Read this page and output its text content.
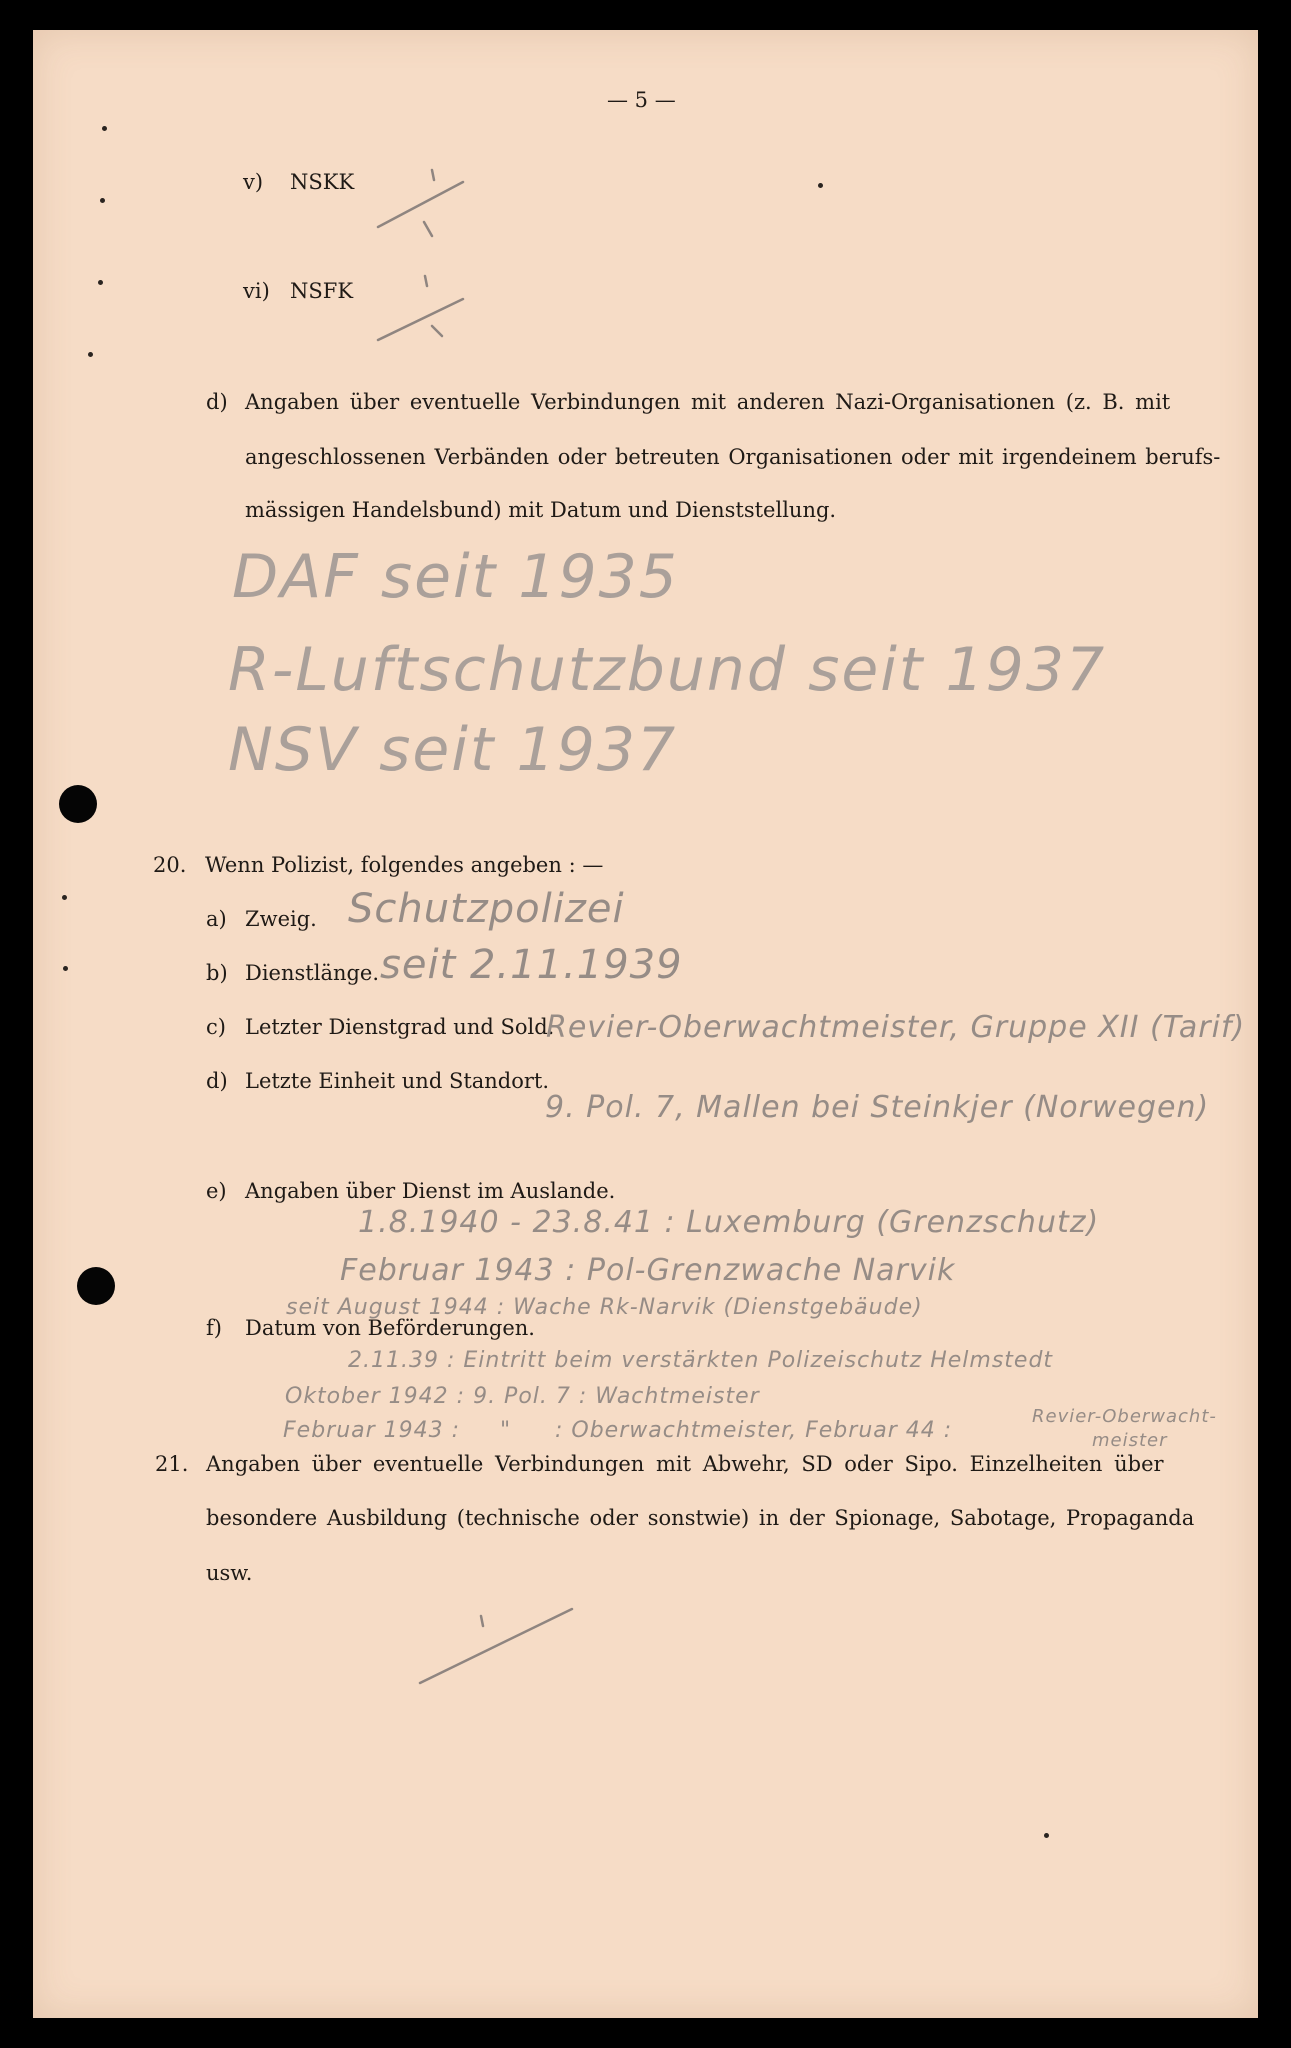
— 5 —
v) NSKK
vi) NSFK
d) Angaben über eventuelle Verbindungen mit anderen Nazi-Organisationen (z. B. mit
angeschlossenen Verbänden oder betreuten Organisationen oder mit irgendeinem berufs-
mässigen Handelsbund) mit Datum und Dienststellung.
DAF seit 1935
R-Luftschutzbund seit 1937
NSV seit 1937
20. Wenn Polizist, folgendes angeben : —
a) Zweig. Schutzpolizei
b) Dienstlänge. seit 2.11.1939
c) Letzter Dienstgrad und Sold.
Revier-Oberwachtmeister, Gruppe XII (Tarif)
d) Letzte Einheit und Standort.
9. Pol. 7, Mallen bei Steinkjer (Norwegen)
e) Angaben über Dienst im Auslande.
1.8.1940 - 23.8.41 : Luxemburg (Grenzschutz)
Februar 1943 : Pol-Grenzwache Narvik
seit August 1944 : Wache Rk-Narvik (Dienstgebäude)
f) Datum von Beförderungen.
2.11.39 : Eintritt beim verstärkten Polizeischutz Helmstedt
Oktober 1942 : 9. Pol. 7 : Wachtmeister
Februar 1943 : " : Oberwachtmeister, Februar 44 :
Revier-Oberwacht-
meister
21. Angaben über eventuelle Verbindungen mit Abwehr, SD oder Sipo. Einzelheiten über
besondere Ausbildung (technische oder sonstwie) in der Spionage, Sabotage, Propaganda
usw.
